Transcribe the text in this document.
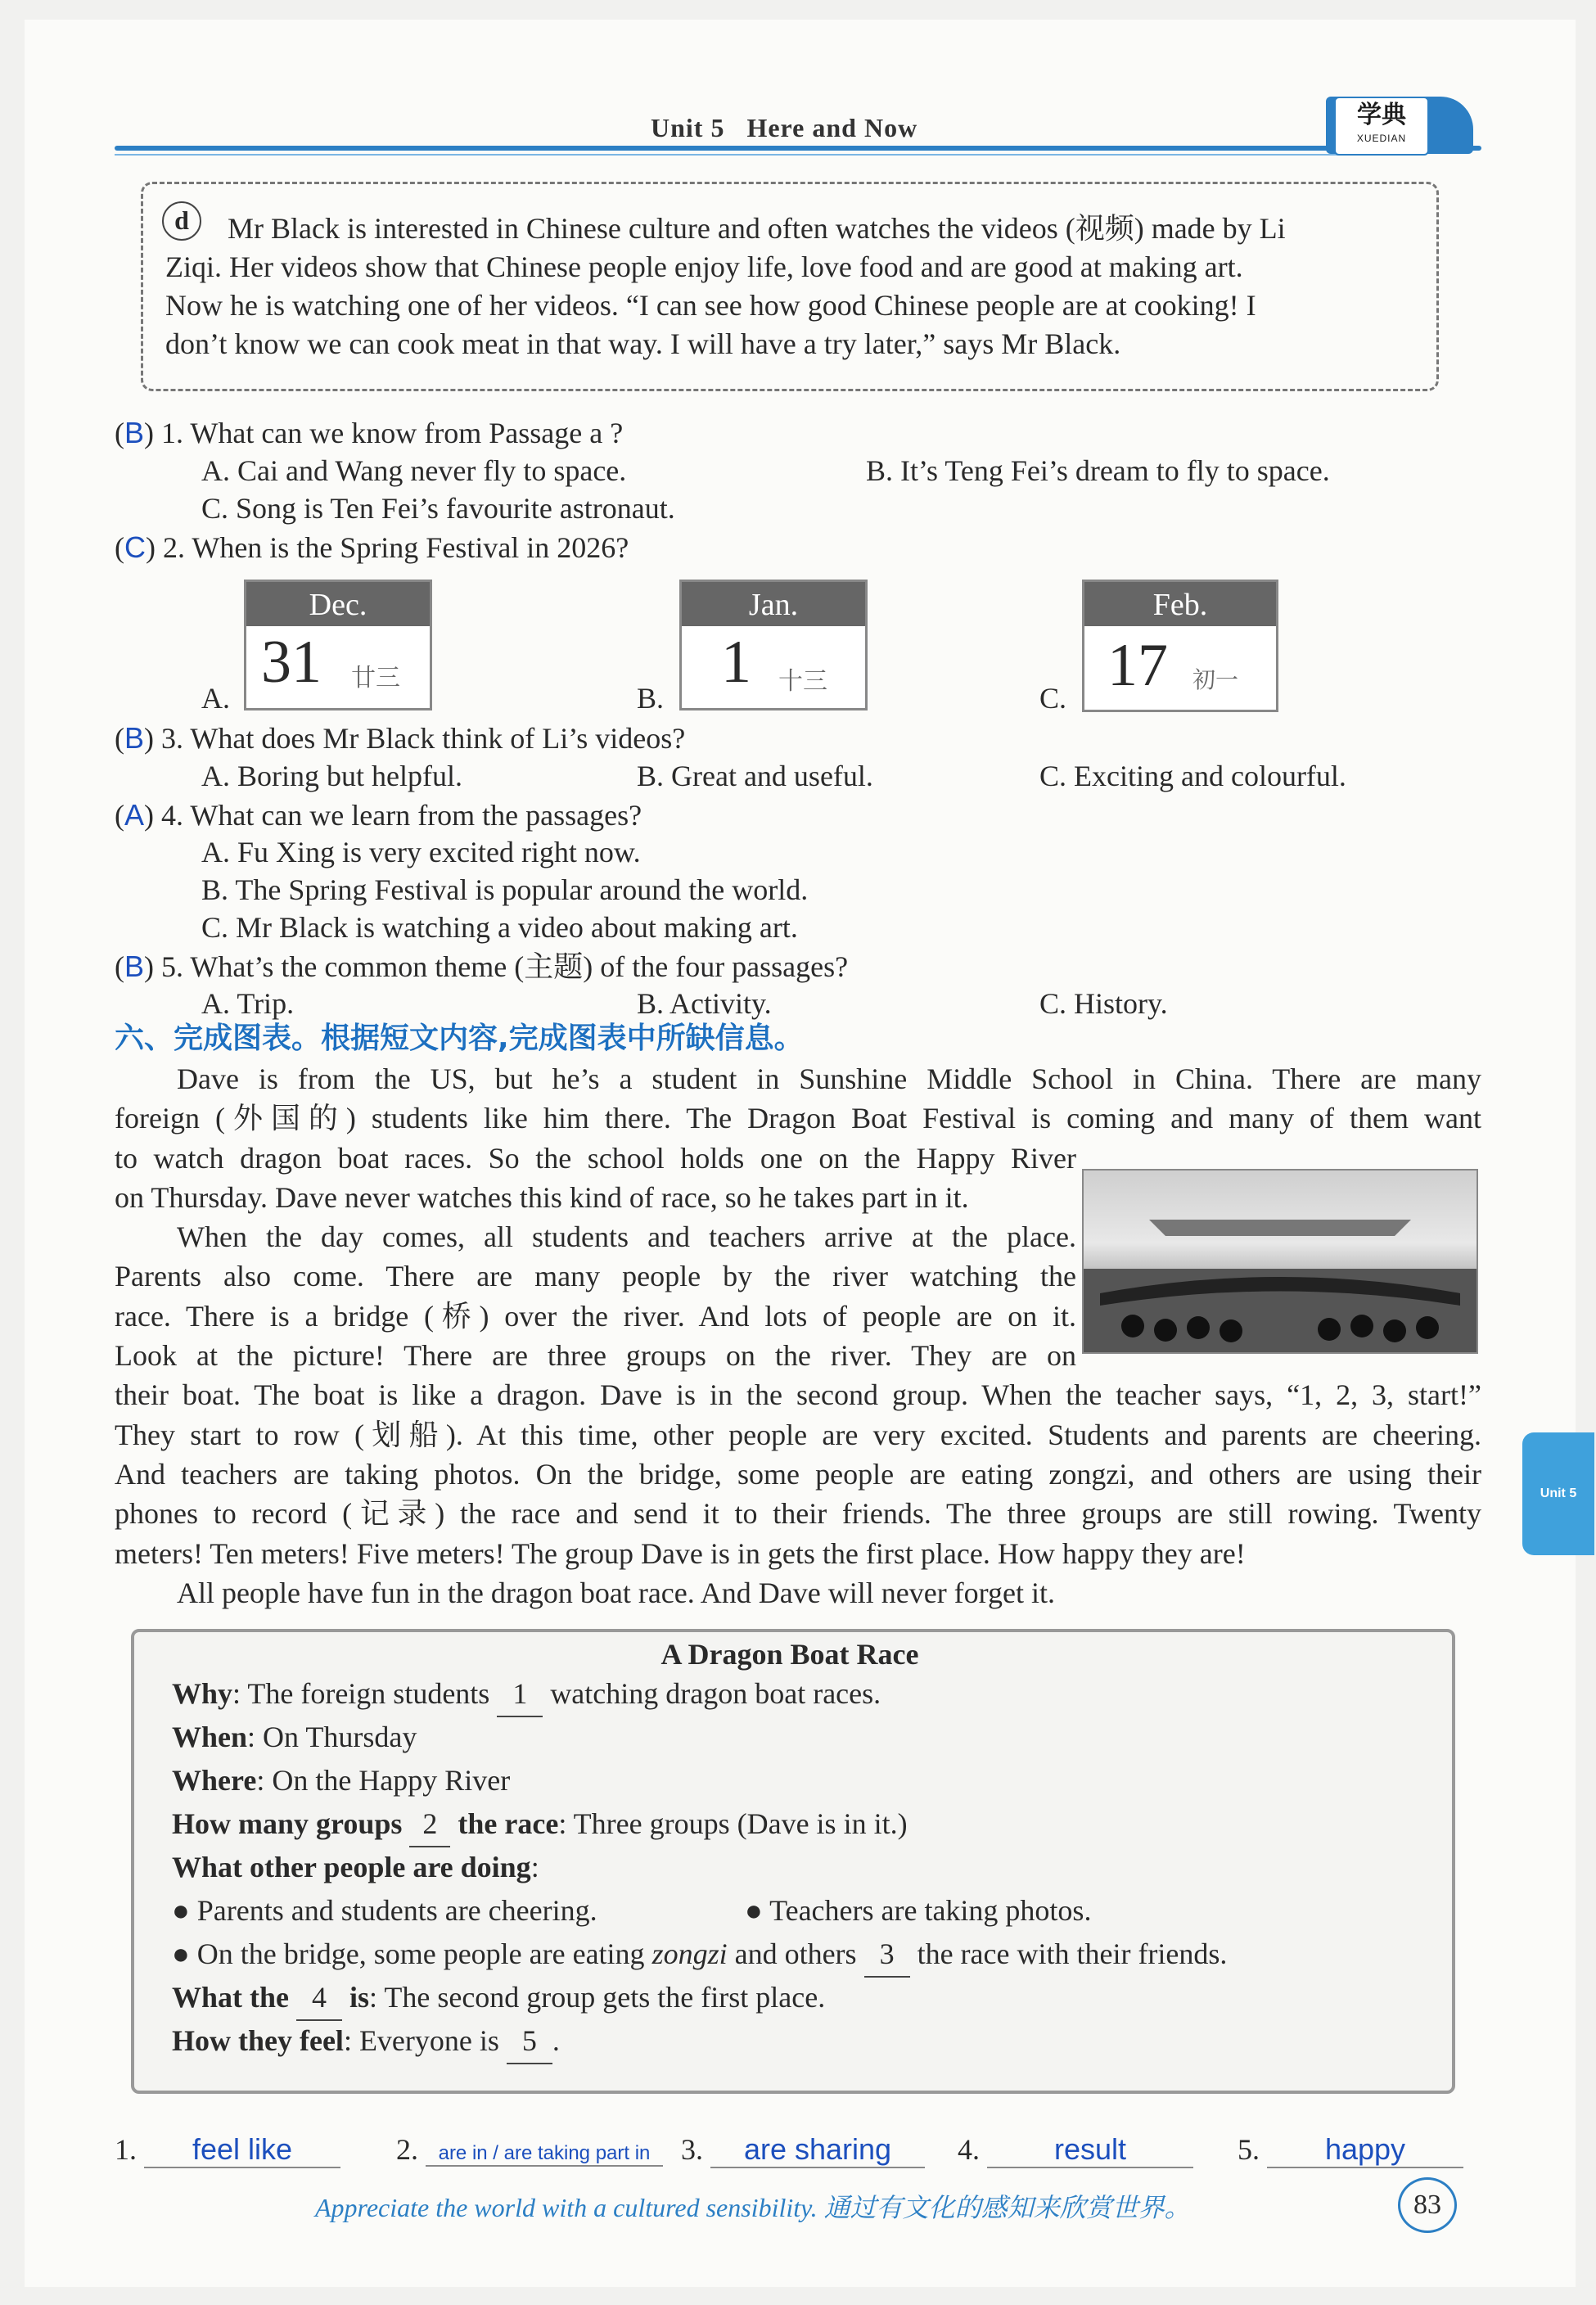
Unit 5   Here and Now	学典
XUEDIAN
d	Mr Black is interested in Chinese culture and often watches the videos (视频) made by Li
Ziqi. Her videos show that Chinese people enjoy life, love food and are good at making art.
Now he is watching one of her videos. “I can see how good Chinese people are at cooking! I
don’t know we can cook meat in that way. I will have a try later,” says Mr Black.
(B) 1. What can we know from Passage a ?
A. Cai and Wang never fly to space.	B. It’s Teng Fei’s dream to fly to space.
C. Song is Ten Fei’s favourite astronaut.
(C) 2. When is the Spring Festival in 2026?
A.
Dec.
31 廿三
B.
Jan.
1 十三
C.
Feb.
17 初一
(B) 3. What does Mr Black think of Li’s videos?
A. Boring but helpful.	B. Great and useful.	C. Exciting and colourful.
(A) 4. What can we learn from the passages?
A. Fu Xing is very excited right now.
B. The Spring Festival is popular around the world.
C. Mr Black is watching a video about making art.
(B) 5. What’s the common theme (主题) of the four passages?
A. Trip.	B. Activity.	C. History.
六、完成图表。根据短文内容,完成图表中所缺信息。
Dave is from the US, but he’s a student in Sunshine Middle School in China. There are many
foreign (外国的) students like him there. The Dragon Boat Festival is coming and many of them want
to watch dragon boat races. So the school holds one on the Happy River
on Thursday. Dave never watches this kind of race, so he takes part in it.
When the day comes, all students and teachers arrive at the place.
Parents also come. There are many people by the river watching the
race. There is a bridge (桥) over the river. And lots of people are on it.
Look at the picture! There are three groups on the river. They are on
their boat. The boat is like a dragon. Dave is in the second group. When the teacher says, “1, 2, 3, start!”
They start to row (划船). At this time, other people are very excited. Students and parents are cheering.
And teachers are taking photos. On the bridge, some people are eating zongzi, and others are using their
phones to record (记录) the race and send it to their friends. The three groups are still rowing. Twenty
meters! Ten meters! Five meters! The group Dave is in gets the first place. How happy they are!
All people have fun in the dragon boat race. And Dave will never forget it.
A Dragon Boat Race
Why: The foreign students 1 watching dragon boat races.
When: On Thursday
Where: On the Happy River
How many groups 2 the race: Three groups (Dave is in it.)
What other people are doing:
● Parents and students are cheering.	● Teachers are taking photos.
● On the bridge, some people are eating zongzi and others 3 the race with their friends.
What the 4 is: The second group gets the first place.
How they feel: Everyone is 5 .
1. feel like	2. are in / are taking part in	3. are sharing	4.	result	5. happy
Appreciate the world with a cultured sensibility. 通过有文化的感知来欣赏世界。	83
Unit 5
